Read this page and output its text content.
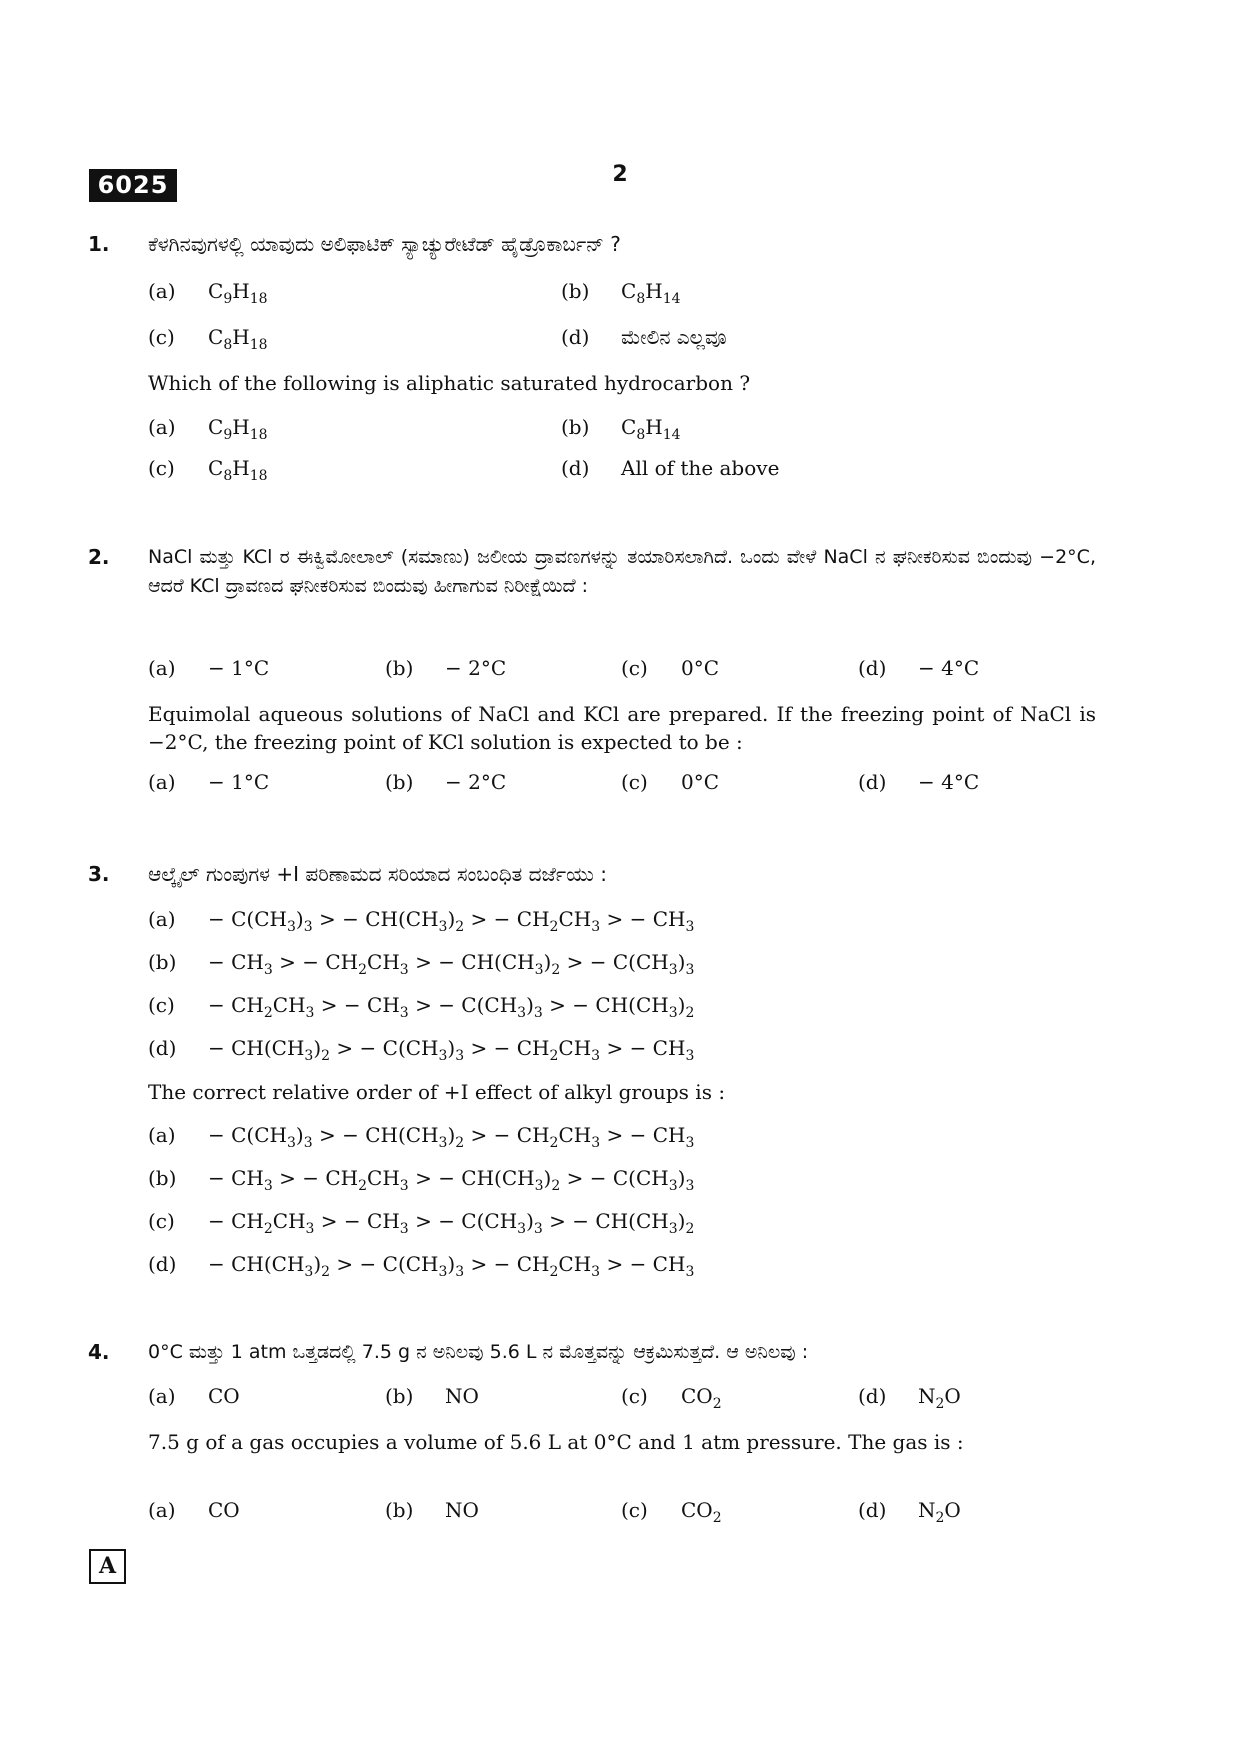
6025	2
1. ಕೆಳಗಿನವುಗಳಲ್ಲಿ ಯಾವುದು ಅಲಿಫಾಟಿಕ್ ಸ್ಯಾಚ್ಯುರೇಟೆಡ್ ಹೈಡ್ರೊಕಾರ್ಬನ್ ?
(a) $C_9H_{18}$	(b) $C_8H_{14}$
(c) $C_8H_{18}$	(d) ಮೇಲಿನ ಎಲ್ಲವೂ
Which of the following is aliphatic saturated hydrocarbon ?
(a) $C_9H_{18}$	(b) $C_8H_{14}$
(c) $C_8H_{18}$	(d) All of the above
2. NaCl ಮತ್ತು KCl ರ ಈಕ್ವಿಮೋಲಾಲ್ (ಸಮಾಣು) ಜಲೀಯ ದ್ರಾವಣಗಳನ್ನು ತಯಾರಿಸಲಾಗಿದೆ. ಒಂದು ವೇಳೆ NaCl ನ ಘನೀಕರಿಸುವ ಬಿಂದುವು −2°C, ಆದರೆ KCl ದ್ರಾವಣದ ಘನೀಕರಿಸುವ ಬಿಂದುವು ಹೀಗಾಗುವ ನಿರೀಕ್ಷೆಯಿದೆ :
(a) − 1°C	(b) − 2°C	(c) 0°C	(d) − 4°C
Equimolal aqueous solutions of NaCl and KCl are prepared. If the freezing point of NaCl is −2°C, the freezing point of KCl solution is expected to be :
(a) − 1°C	(b) − 2°C	(c) 0°C	(d) − 4°C
3. ಆಲ್ಕೈಲ್ ಗುಂಪುಗಳ +I ಪರಿಣಾಮದ ಸರಿಯಾದ ಸಂಬಂಧಿತ ದರ್ಜೆಯು :
$(a) - C(CH_3)_3$ > − $CH(CH_3)_2$ > − $CH_2CH_3$ > − $CH_3$
$(b) - CH_3$ > − $CH_2CH_3$ > − $CH(CH_3)_2$ > − $C(CH_3)_3$
$(c) - CH_2CH_3$ > − $CH_3$ > − $C(CH_3)_3$ > − $CH(CH_3)_2$
$(d) - CH(CH_3)_2$ > − $C(CH_3)_3$ > − $CH_2CH_3$ > − $CH_3$
The correct relative order of +I effect of alkyl groups is :
$(a) - C(CH_3)_3$ > − $CH(CH_3)_2$ > − $CH_2CH_3$ > − $CH_3$
$(b) - CH_3$ > − $CH_2CH_3$ > − $CH(CH_3)_2$ > − $C(CH_3)_3$
$(c) - CH_2CH_3$ > − $CH_3$ > − $C(CH_3)_3$ > − $CH(CH_3)_2$
$(d) - CH(CH_3)_2$ > − $C(CH_3)_3$ > − $CH_2CH_3$ > − $CH_3$
4. 0°C ಮತ್ತು 1 atm ಒತ್ತಡದಲ್ಲಿ 7.5 g ನ ಅನಿಲವು 5.6 L ನ ಮೊತ್ತವನ್ನು ಆಕ್ರಮಿಸುತ್ತದೆ. ಆ ಅನಿಲವು :
(a) CO	(b) NO	(c) $CO_2$	(d) $N_2O$
7.5 g of a gas occupies a volume of 5.6 L at 0°C and 1 atm pressure. The gas is :
(a) CO	(b) NO	(c) $CO_2$	(d) $N_2O$
A
